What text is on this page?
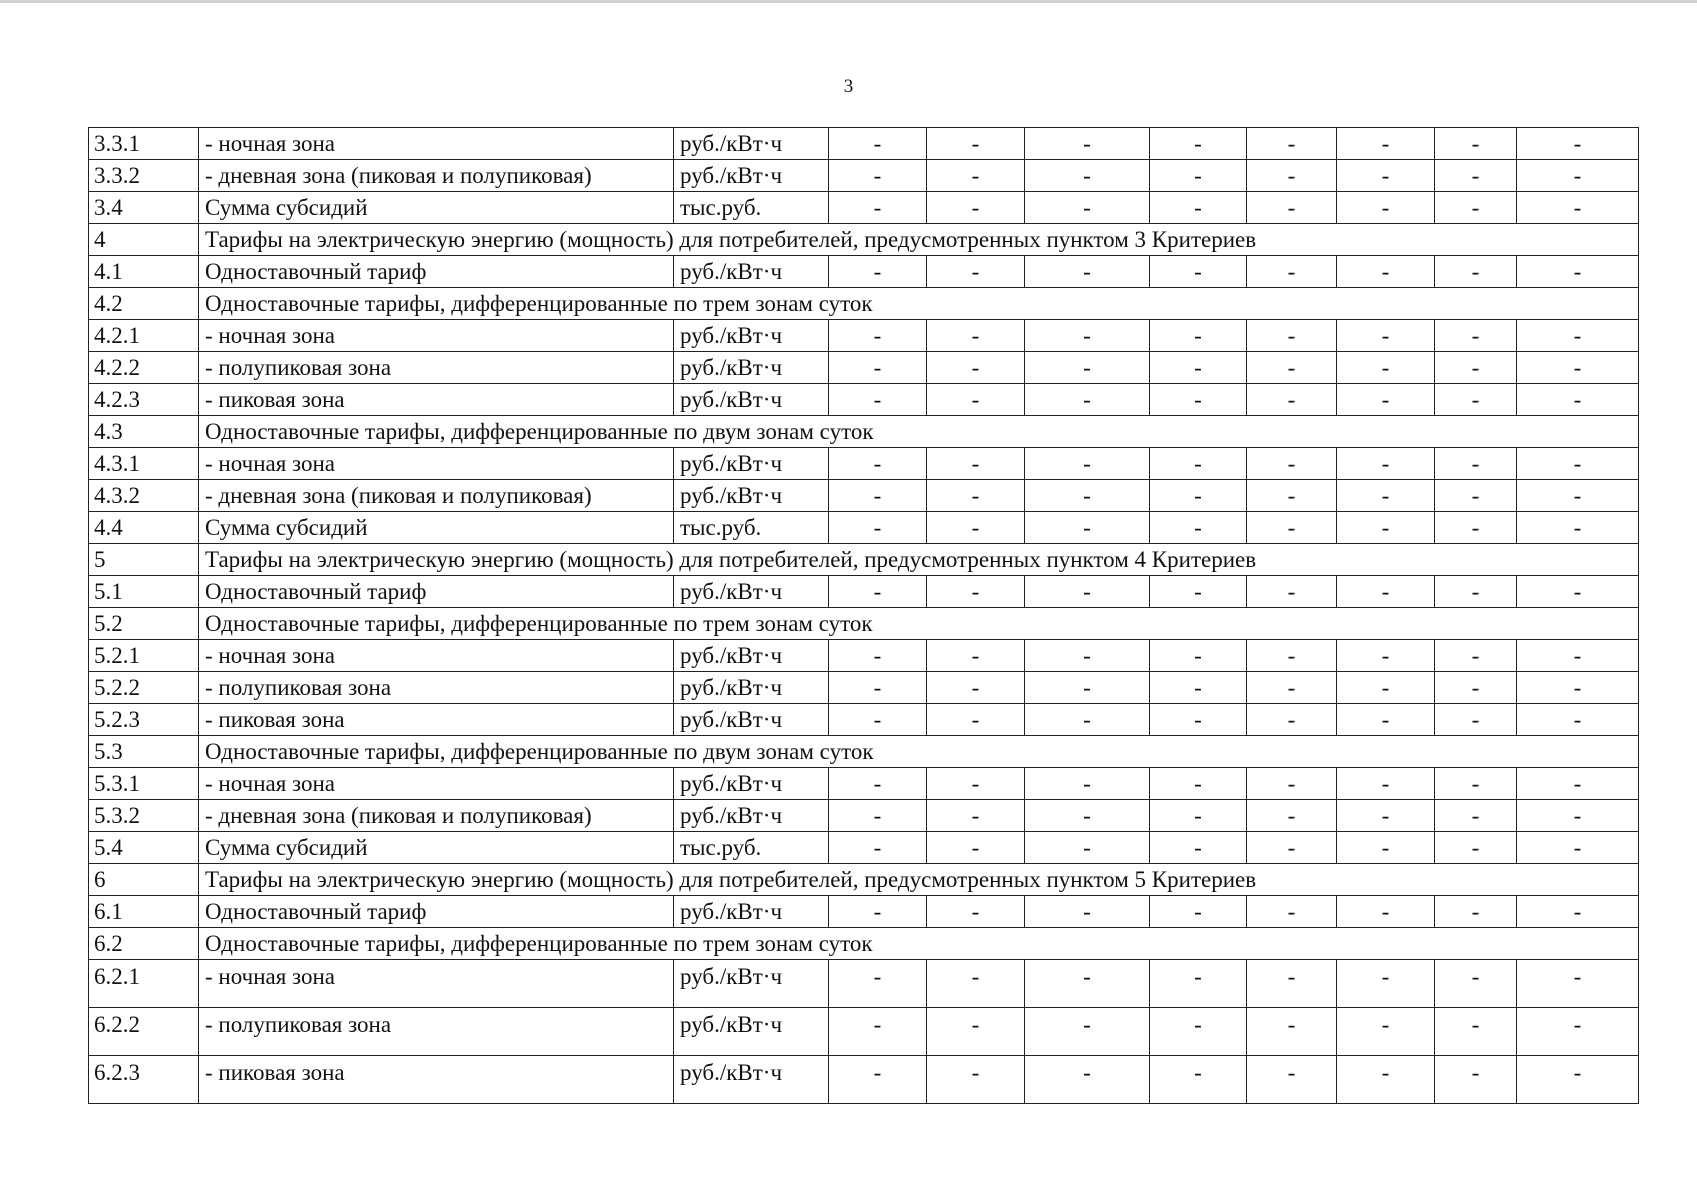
3
3.3.1	- ночная зона	руб./кВт·ч	-	-	-	-	-	-	-	-
3.3.2	- дневная зона (пиковая и полупиковая)	руб./кВт·ч	-	-	-	-	-	-	-	-
3.4	Сумма субсидий	тыс.руб.	-	-	-	-	-	-	-	-
4	Тарифы на электрическую энергию (мощность) для потребителей, предусмотренных пунктом 3 Критериев									
4.1	Одноставочный тариф	руб./кВт·ч	-	-	-	-	-	-	-	-
4.2	Одноставочные тарифы, дифференцированные по трем зонам суток									
4.2.1	- ночная зона	руб./кВт·ч	-	-	-	-	-	-	-	-
4.2.2	- полупиковая зона	руб./кВт·ч	-	-	-	-	-	-	-	-
4.2.3	- пиковая зона	руб./кВт·ч	-	-	-	-	-	-	-	-
4.3	Одноставочные тарифы, дифференцированные по двум зонам суток									
4.3.1	- ночная зона	руб./кВт·ч	-	-	-	-	-	-	-	-
4.3.2	- дневная зона (пиковая и полупиковая)	руб./кВт·ч	-	-	-	-	-	-	-	-
4.4	Сумма субсидий	тыс.руб.	-	-	-	-	-	-	-	-
5	Тарифы на электрическую энергию (мощность) для потребителей, предусмотренных пунктом 4 Критериев									
5.1	Одноставочный тариф	руб./кВт·ч	-	-	-	-	-	-	-	-
5.2	Одноставочные тарифы, дифференцированные по трем зонам суток									
5.2.1	- ночная зона	руб./кВт·ч	-	-	-	-	-	-	-	-
5.2.2	- полупиковая зона	руб./кВт·ч	-	-	-	-	-	-	-	-
5.2.3	- пиковая зона	руб./кВт·ч	-	-	-	-	-	-	-	-
5.3	Одноставочные тарифы, дифференцированные по двум зонам суток									
5.3.1	- ночная зона	руб./кВт·ч	-	-	-	-	-	-	-	-
5.3.2	- дневная зона (пиковая и полупиковая)	руб./кВт·ч	-	-	-	-	-	-	-	-
5.4	Сумма субсидий	тыс.руб.	-	-	-	-	-	-	-	-
6	Тарифы на электрическую энергию (мощность) для потребителей, предусмотренных пунктом 5 Критериев									
6.1	Одноставочный тариф	руб./кВт·ч	-	-	-	-	-	-	-	-
6.2	Одноставочные тарифы, дифференцированные по трем зонам суток									
6.2.1	- ночная зона	руб./кВт·ч	-	-	-	-	-	-	-	-
6.2.2	- полупиковая зона	руб./кВт·ч	-	-	-	-	-	-	-	-
6.2.3	- пиковая зона	руб./кВт·ч	-	-	-	-	-	-	-	-
